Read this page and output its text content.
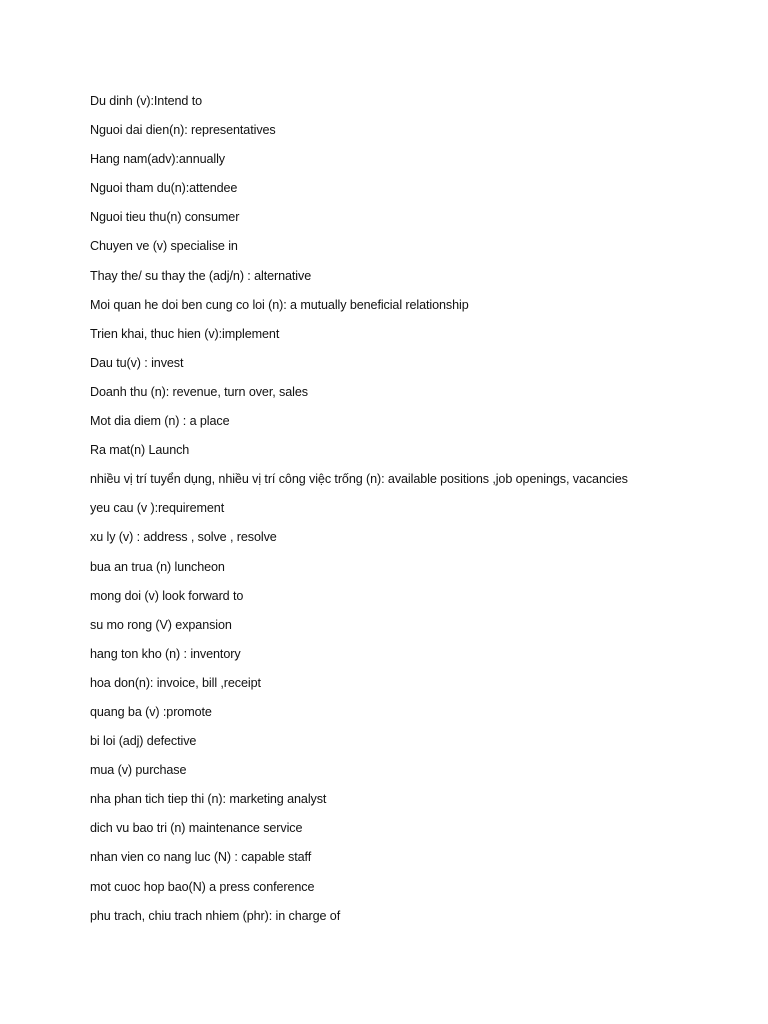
Du dinh (v):Intend to
Nguoi dai dien(n): representatives
Hang nam(adv):annually
Nguoi tham du(n):attendee
Nguoi tieu thu(n) consumer
Chuyen ve (v) specialise in
Thay the/ su thay the (adj/n) : alternative
Moi quan he doi ben cung co loi (n): a mutually beneficial relationship
Trien khai, thuc hien (v):implement
Dau tu(v) : invest
Doanh thu (n): revenue, turn over, sales
Mot dia diem (n) : a place
Ra mat(n) Launch
nhiều vị trí tuyển dụng, nhiều vị trí công việc trống (n): available positions ,job openings, vacancies
yeu cau (v ):requirement
xu ly (v) : address , solve , resolve
bua an trua (n) luncheon
mong doi (v) look forward to
su mo rong (V) expansion
hang ton kho (n) : inventory
hoa don(n): invoice, bill ,receipt
quang ba (v) :promote
bi loi (adj) defective
mua (v) purchase
nha phan tich tiep thi (n): marketing analyst
dich vu bao tri (n) maintenance service
nhan vien co nang luc (N) : capable staff
mot cuoc hop bao(N) a press conference
phu trach, chiu trach nhiem (phr): in charge of
